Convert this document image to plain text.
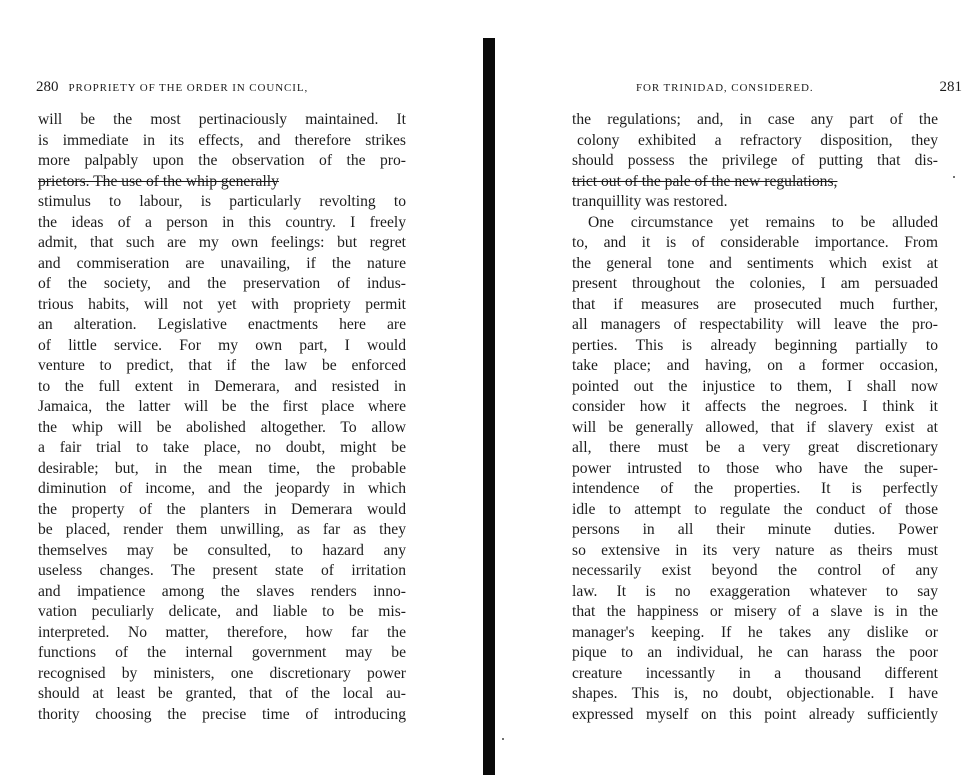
280 PROPRIETY OF THE ORDER IN COUNCIL,
will be the most pertinaciously maintained. It
is immediate in its effects, and therefore strikes
more palpably upon the observation of the pro-
prietors. The use of the whip generally
stimulus to labour, is particularly revolting to
the ideas of a person in this country. I freely
admit, that such are my own feelings: but regret
and commiseration are unavailing, if the nature
of the society, and the preservation of indus-
trious habits, will not yet with propriety permit
an alteration. Legislative enactments here are
of little service. For my own part, I would
venture to predict, that if the law be enforced
to the full extent in Demerara, and resisted in
Jamaica, the latter will be the first place where
the whip will be abolished altogether. To allow
a fair trial to take place, no doubt, might be
desirable; but, in the mean time, the probable
diminution of income, and the jeopardy in which
the property of the planters in Demerara would
be placed, render them unwilling, as far as they
themselves may be consulted, to hazard any
useless changes. The present state of irritation
and impatience among the slaves renders inno-
vation peculiarly delicate, and liable to be mis-
interpreted. No matter, therefore, how far the
functions of the internal government may be
recognised by ministers, one discretionary power
should at least be granted, that of the local au-
thority choosing the precise time of introducing
FOR TRINIDAD, CONSIDERED.	281
the regulations; and, in case any part of the
colony exhibited a refractory disposition, they
should possess the privilege of putting that dis-
trict out of the pale of the new regulations,
tranquillity was restored.
One circumstance yet remains to be alluded
to, and it is of considerable importance. From
the general tone and sentiments which exist at
present throughout the colonies, I am persuaded
that if measures are prosecuted much further,
all managers of respectability will leave the pro-
perties. This is already beginning partially to
take place; and having, on a former occasion,
pointed out the injustice to them, I shall now
consider how it affects the negroes. I think it
will be generally allowed, that if slavery exist at
all, there must be a very great discretionary
power intrusted to those who have the super-
intendence of the properties. It is perfectly
idle to attempt to regulate the conduct of those
persons in all their minute duties. Power
so extensive in its very nature as theirs must
necessarily exist beyond the control of any
law. It is no exaggeration whatever to say
that the happiness or misery of a slave is in the
manager's keeping. If he takes any dislike or
pique to an individual, he can harass the poor
creature incessantly in a thousand different
shapes. This is, no doubt, objectionable. I have
expressed myself on this point already sufficiently
